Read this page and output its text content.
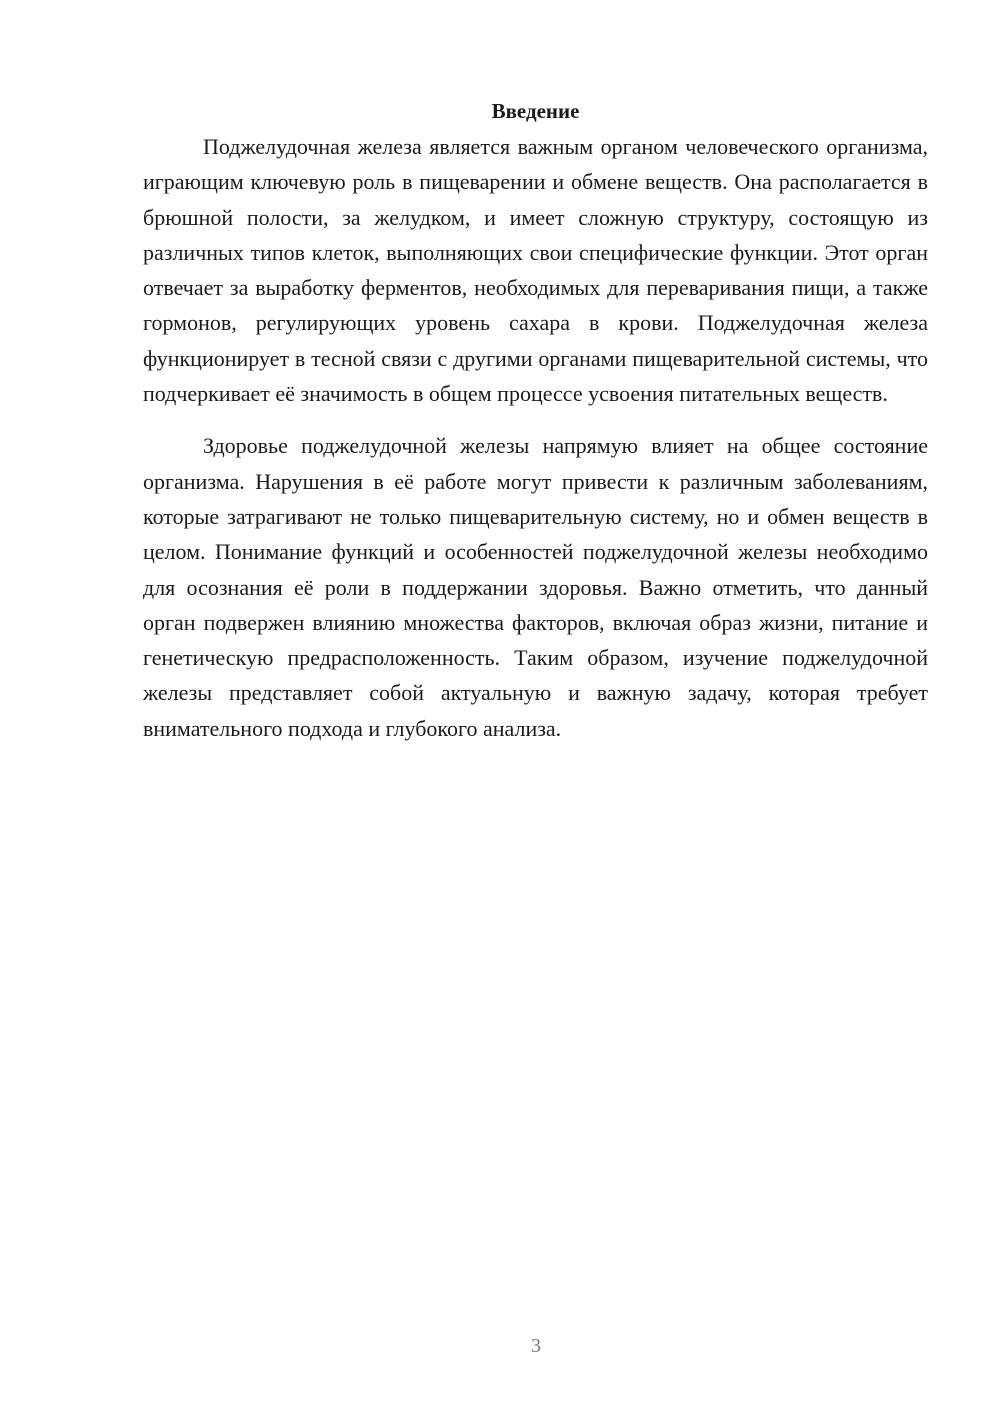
Введение

Поджелудочная железа является важным органом человеческого организма, играющим ключевую роль в пищеварении и обмене веществ. Она располагается в брюшной полости, за желудком, и имеет сложную структуру, состоящую из различных типов клеток, выполняющих свои специфические функции. Этот орган отвечает за выработку ферментов, необходимых для переваривания пищи, а также гормонов, регулирующих уровень сахара в крови. Поджелудочная железа функционирует в тесной связи с другими органами пищеварительной системы, что подчеркивает её значимость в общем процессе усвоения питательных веществ.

Здоровье поджелудочной железы напрямую влияет на общее состояние организма. Нарушения в её работе могут привести к различным заболеваниям, которые затрагивают не только пищеварительную систему, но и обмен веществ в целом. Понимание функций и особенностей поджелудочной железы необходимо для осознания её роли в поддержании здоровья. Важно отметить, что данный орган подвержен влиянию множества факторов, включая образ жизни, питание и генетическую предрасположенность. Таким образом, изучение поджелудочной железы представляет собой актуальную и важную задачу, которая требует внимательного подхода и глубокого анализа.

3
